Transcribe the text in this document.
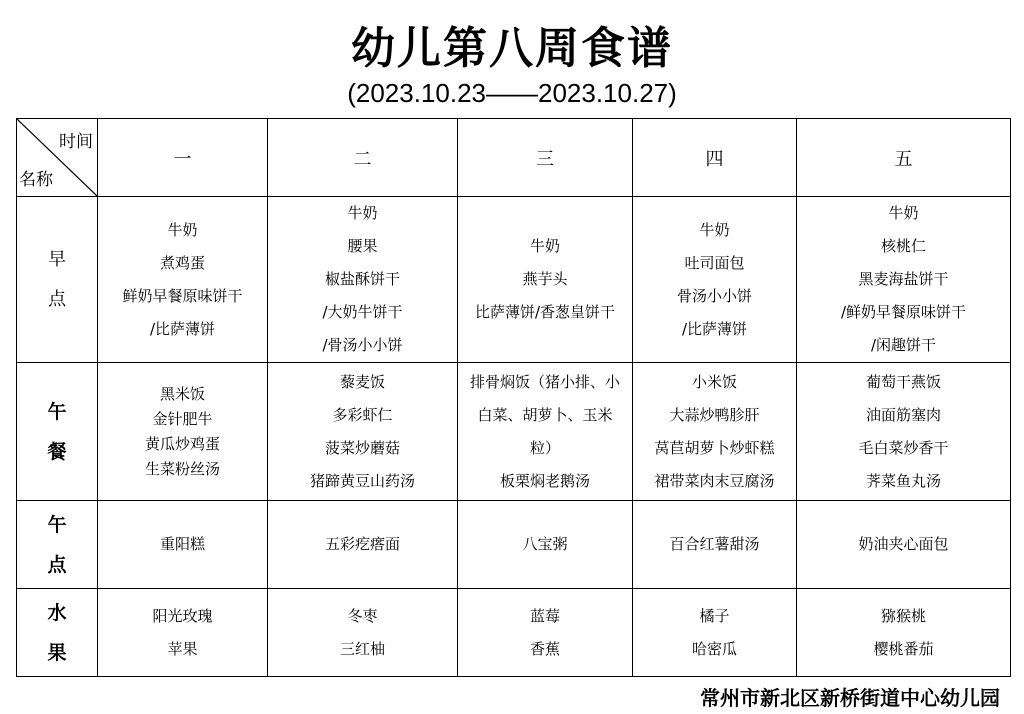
幼儿第八周食谱
(2023.10.23——2023.10.27)
时间
名称	一	二	三	四	五

早
点	牛奶
煮鸡蛋
鲜奶早餐原味饼干
/比萨薄饼	牛奶
腰果
椒盐酥饼干
/大奶牛饼干
/骨汤小小饼	牛奶
燕芋头
比萨薄饼/香葱皇饼干	牛奶
吐司面包
骨汤小小饼
/比萨薄饼	牛奶
核桃仁
黑麦海盐饼干
/鲜奶早餐原味饼干
/闲趣饼干

午
餐	黑米饭
金针肥牛
黄瓜炒鸡蛋
生菜粉丝汤	藜麦饭
多彩虾仁
菠菜炒蘑菇
猪蹄黄豆山药汤	排骨焖饭（猪小排、小
白菜、胡萝卜、玉米
粒）
板栗焖老鹅汤	小米饭
大蒜炒鸭胗肝
莴苣胡萝卜炒虾糕
裙带菜肉末豆腐汤	葡萄干燕饭
油面筋塞肉
毛白菜炒香干
荠菜鱼丸汤

午
点	重阳糕	五彩疙瘩面	八宝粥	百合红薯甜汤	奶油夹心面包

水
果	阳光玫瑰
苹果	冬枣
三红柚	蓝莓
香蕉	橘子
哈密瓜	猕猴桃
樱桃番茄
常州市新北区新桥街道中心幼儿园
